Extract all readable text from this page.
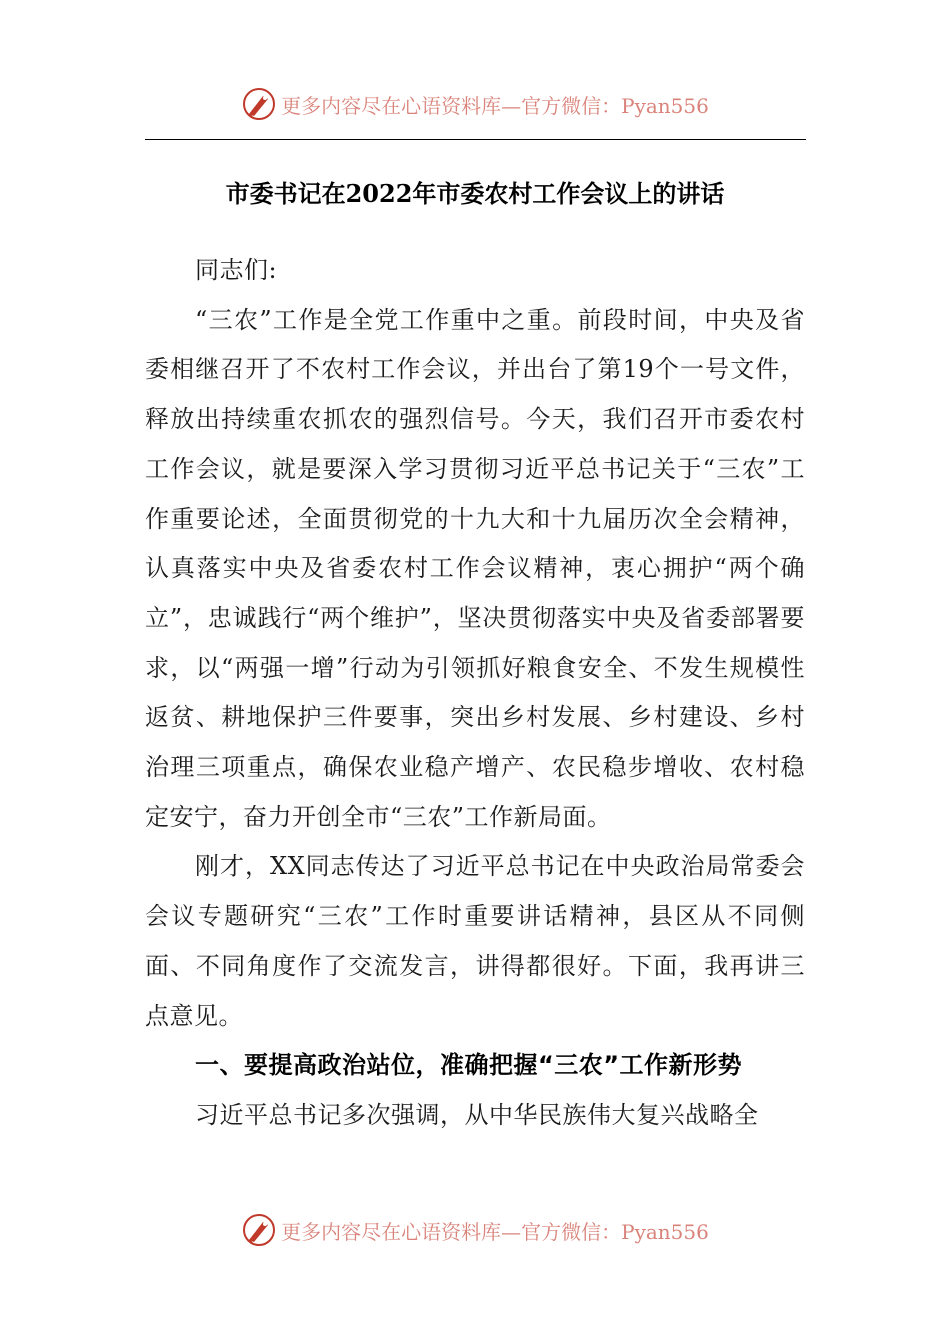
更多内容尽在心语资料库—官方微信：Pyan556
市委书记在2022年市委农村工作会议上的讲话

同志们:

“三农”工作是全党工作重中之重。前段时间，中央及省委相继召开了不农村工作会议，并出台了第19个一号文件，释放出持续重农抓农的强烈信号。今天，我们召开市委农村工作会议，就是要深入学习贯彻习近平总书记关于“三农”工作重要论述，全面贯彻党的十九大和十九届历次全会精神，认真落实中央及省委农村工作会议精神，衷心拥护“两个确立”，忠诚践行“两个维护”，坚决贯彻落实中央及省委部署要求，以“两强一增”行动为引领抓好粮食安全、不发生规模性返贫、耕地保护三件要事，突出乡村发展、乡村建设、乡村治理三项重点，确保农业稳产增产、农民稳步增收、农村稳定安宁，奋力开创全市“三农”工作新局面。

刚才，XX同志传达了习近平总书记在中央政治局常委会会议专题研究“三农”工作时重要讲话精神，县区从不同侧面、不同角度作了交流发言，讲得都很好。下面，我再讲三点意见。

一、要提高政治站位，准确把握“三农”工作新形势

习近平总书记多次强调，从中华民族伟大复兴战略全

更多内容尽在心语资料库—官方微信：Pyan556
